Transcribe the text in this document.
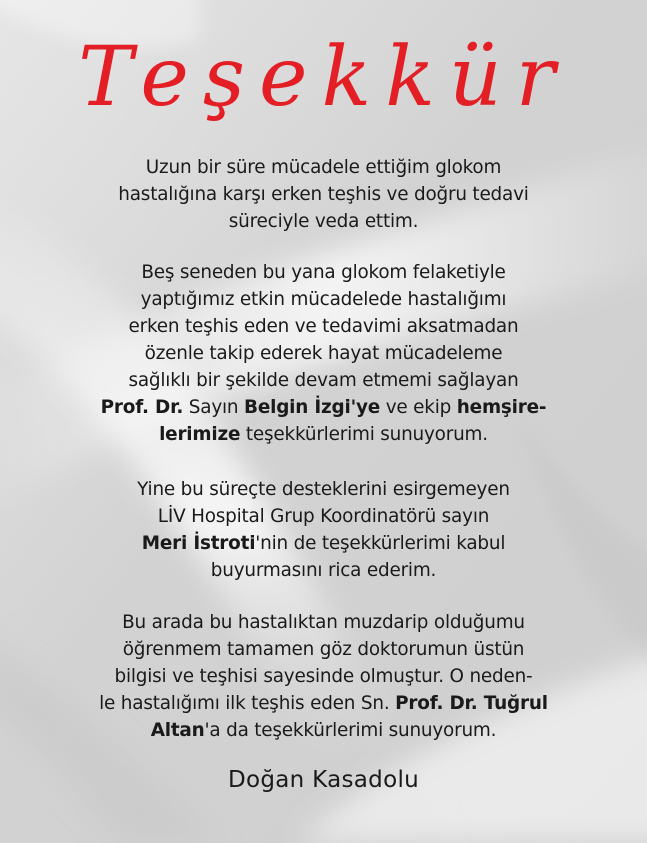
Teşekkür

Uzun bir süre mücadele ettiğim glokom
hastalığına karşı erken teşhis ve doğru tedavi
süreciyle veda ettim.

Beş seneden bu yana glokom felaketiyle
yaptığımız etkin mücadelede hastalığımı
erken teşhis eden ve tedavimi aksatmadan
özenle takip ederek hayat mücadeleme
sağlıklı bir şekilde devam etmemi sağlayan
Prof. Dr. Sayın Belgin İzgi'ye ve ekip hemşire-
lerimize teşekkürlerimi sunuyorum.

Yine bu süreçte desteklerini esirgemeyen
LİV Hospital Grup Koordinatörü sayın
Meri İstroti'nin de teşekkürlerimi kabul
buyurmasını rica ederim.

Bu arada bu hastalıktan muzdarip olduğumu
öğrenmem tamamen göz doktorumun üstün
bilgisi ve teşhisi sayesinde olmuştur. O neden-
le hastalığımı ilk teşhis eden Sn. Prof. Dr. Tuğrul
Altan'a da teşekkürlerimi sunuyorum.

Doğan Kasadolu
